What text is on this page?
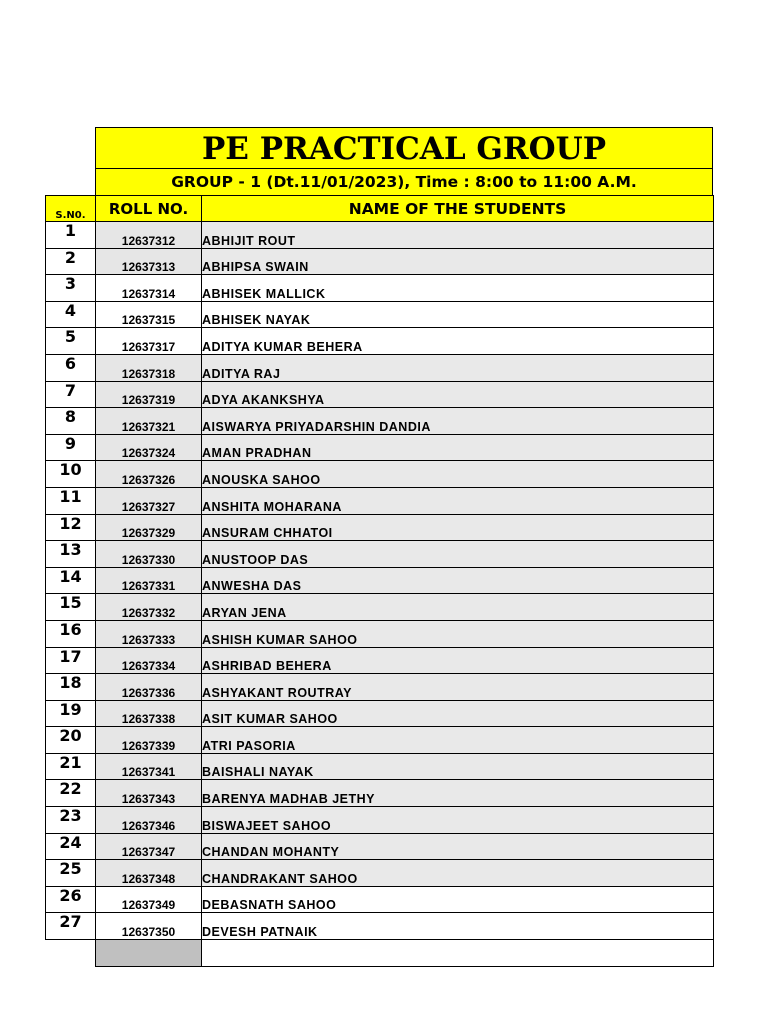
PE PRACTICAL GROUP
GROUP - 1 (Dt.11/01/2023), Time : 8:00 to 11:00 A.M.
S.N0.	ROLL NO.	NAME OF THE STUDENTS
1	12637312	ABHIJIT ROUT
2	12637313	ABHIPSA SWAIN
3	12637314	ABHISEK MALLICK
4	12637315	ABHISEK NAYAK
5	12637317	ADITYA KUMAR BEHERA
6	12637318	ADITYA RAJ
7	12637319	ADYA AKANKSHYA
8	12637321	AISWARYA PRIYADARSHIN DANDIA
9	12637324	AMAN PRADHAN
10	12637326	ANOUSKA SAHOO
11	12637327	ANSHITA MOHARANA
12	12637329	ANSURAM CHHATOI
13	12637330	ANUSTOOP DAS
14	12637331	ANWESHA DAS
15	12637332	ARYAN JENA
16	12637333	ASHISH KUMAR SAHOO
17	12637334	ASHRIBAD BEHERA
18	12637336	ASHYAKANT ROUTRAY
19	12637338	ASIT KUMAR SAHOO
20	12637339	ATRI PASORIA
21	12637341	BAISHALI NAYAK
22	12637343	BARENYA MADHAB JETHY
23	12637346	BISWAJEET SAHOO
24	12637347	CHANDAN MOHANTY
25	12637348	CHANDRAKANT SAHOO
26	12637349	DEBASNATH SAHOO
27	12637350	DEVESH PATNAIK
